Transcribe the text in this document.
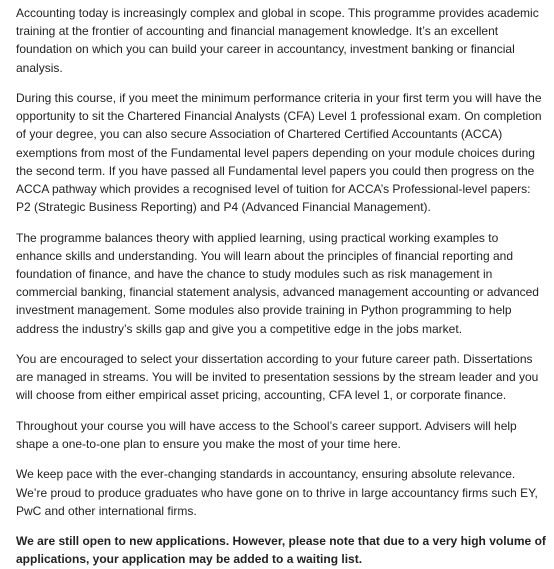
Accounting today is increasingly complex and global in scope. This programme provides academic training at the frontier of accounting and financial management knowledge. It’s an excellent foundation on which you can build your career in accountancy, investment banking or financial analysis.

During this course, if you meet the minimum performance criteria in your first term you will have the opportunity to sit the Chartered Financial Analysts (CFA) Level 1 professional exam. On completion of your degree, you can also secure Association of Chartered Certified Accountants (ACCA) exemptions from most of the Fundamental level papers depending on your module choices during the second term. If you have passed all Fundamental level papers you could then progress on the ACCA pathway which provides a recognised level of tuition for ACCA’s Professional-level papers: P2 (Strategic Business Reporting) and P4 (Advanced Financial Management).

The programme balances theory with applied learning, using practical working examples to enhance skills and understanding. You will learn about the principles of financial reporting and foundation of finance, and have the chance to study modules such as risk management in commercial banking, financial statement analysis, advanced management accounting or advanced investment management. Some modules also provide training in Python programming to help address the industry’s skills gap and give you a competitive edge in the jobs market.

You are encouraged to select your dissertation according to your future career path. Dissertations are managed in streams. You will be invited to presentation sessions by the stream leader and you will choose from either empirical asset pricing, accounting, CFA level 1, or corporate finance.

Throughout your course you will have access to the School’s career support. Advisers will help shape a one-to-one plan to ensure you make the most of your time here.

We keep pace with the ever-changing standards in accountancy, ensuring absolute relevance. We’re proud to produce graduates who have gone on to thrive in large accountancy firms such EY, PwC and other international firms.

We are still open to new applications. However, please note that due to a very high volume of applications, your application may be added to a waiting list.
